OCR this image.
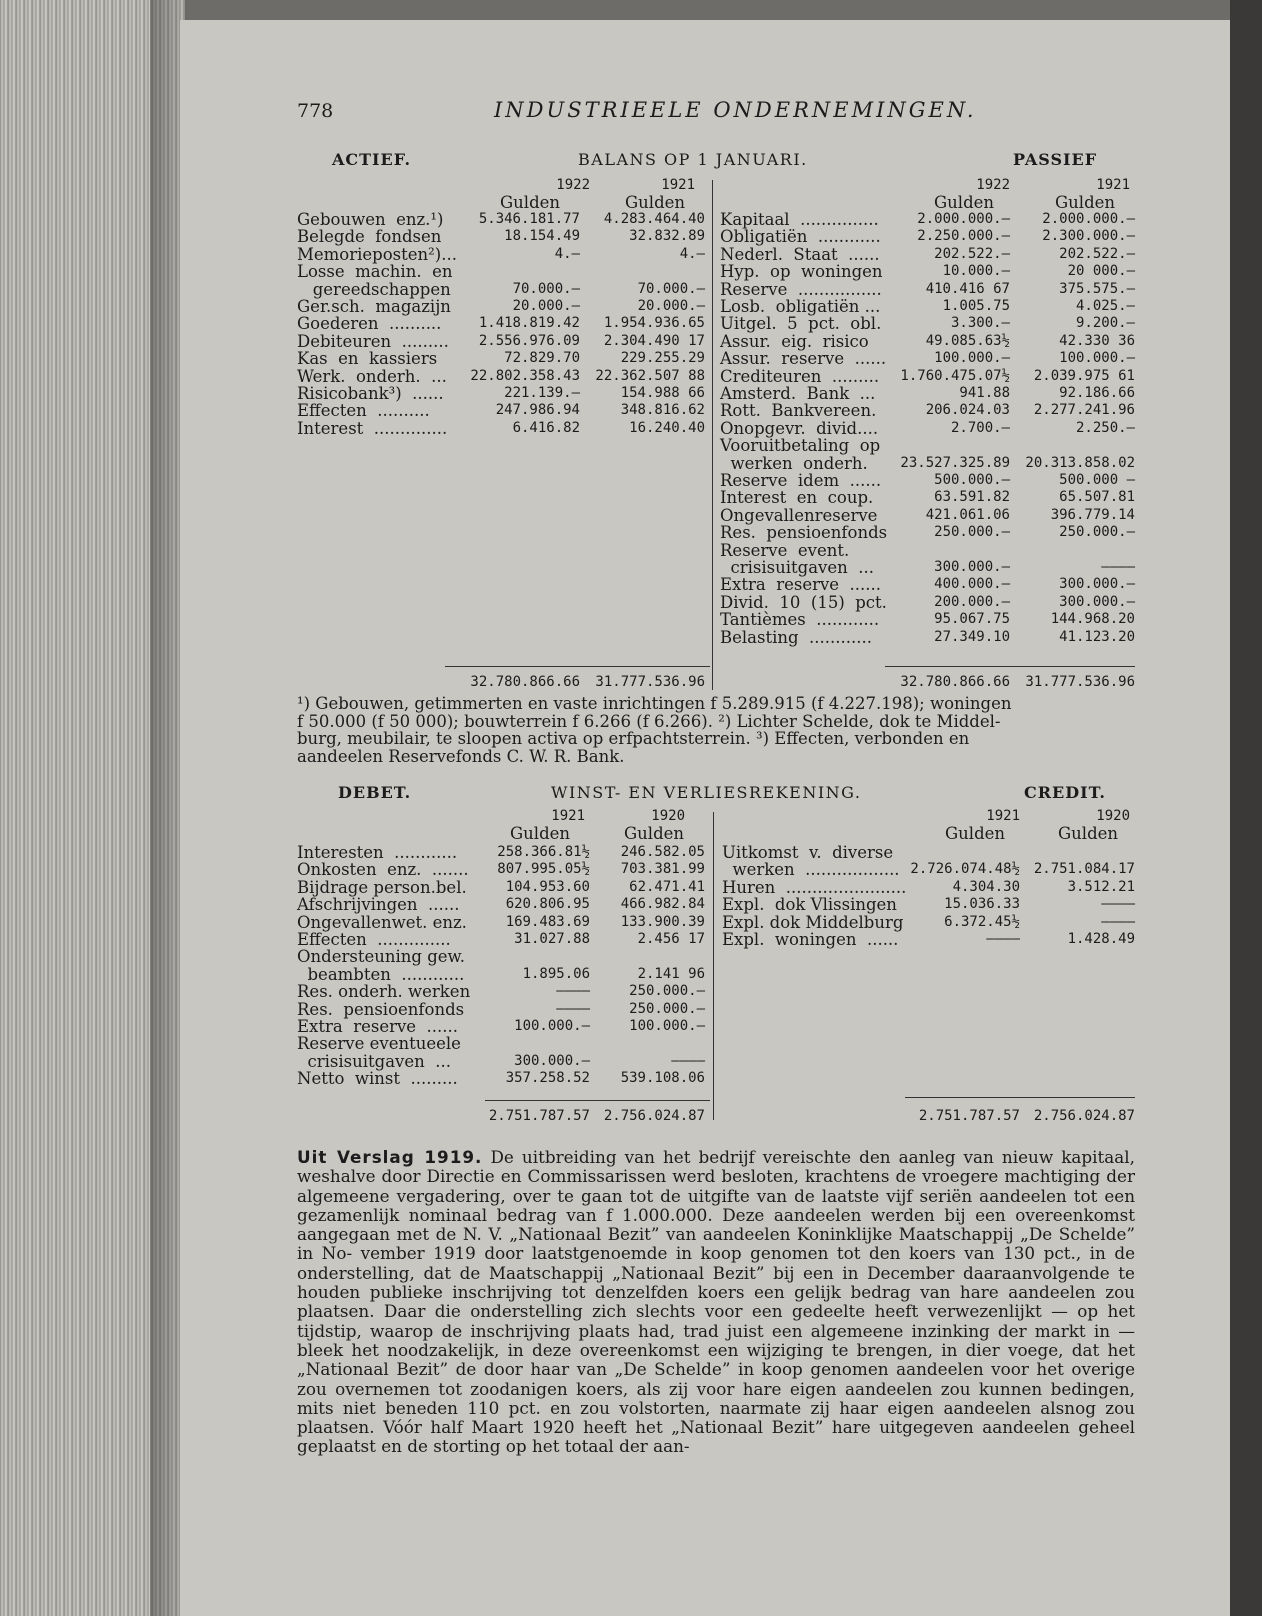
778	INDUSTRIEELE ONDERNEMINGEN.
ACTIEF.	BALANS OP 1 JANUARI.	PASSIEF
1922	1921
Gulden	Gulden
1922	1921
Gulden	Gulden
Gebouwen  enz.¹)	5.346.181.77	4.283.464.40
Belegde  fondsen	18.154.49	32.832.89
Memorieposten²)...	4.—	4.—
Losse  machin.  en
gereedschappen	70.000.—	70.000.—
Ger.sch.  magazijn	20.000.—	20.000.—
Goederen  ..........	1.418.819.42	1.954.936.65
Debiteuren  .........	2.556.976.09	2.304.490 17
Kas  en  kassiers	72.829.70	229.255.29
Werk.  onderh.  ...	22.802.358.43	22.362.507 88
Risicobank³)  ......	221.139.—	154.988 66
Effecten  ..........	247.986.94	348.816.62
Interest  ..............	6.416.82	16.240.40
Kapitaal  ...............	2.000.000.—	2.000.000.—
Obligatiën  ............	2.250.000.—	2.300.000.—
Nederl.  Staat  ......	202.522.—	202.522.—
Hyp.  op  woningen	10.000.—	20 000.—
Reserve  ................	410.416 67	375.575.—
Losb.  obligatiën ...	1.005.75	4.025.—
Uitgel.  5  pct.  obl.	3.300.—	9.200.—
Assur.  eig.  risico	49.085.63½	42.330 36
Assur.  reserve  ......	100.000.—	100.000.—
Crediteuren  .........	1.760.475.07½	2.039.975 61
Amsterd.  Bank  ...	941.88	92.186.66
Rott.  Bankvereen.	206.024.03	2.277.241.96
Onopgevr.  divid....	2.700.—	2.250.—
Vooruitbetaling  op
werken  onderh.	23.527.325.89	20.313.858.02
Reserve  idem  ......	500.000.—	500.000 —
Interest  en  coup.	63.591.82	65.507.81
Ongevallenreserve	421.061.06	396.779.14
Res.  pensioenfonds	250.000.—	250.000.—
Reserve  event.
crisisuitgaven  ...	300.000.—	————
Extra  reserve  ......	400.000.—	300.000.—
Divid.  10  (15)  pct.	200.000.—	300.000.—
Tantièmes  ............	95.067.75	144.968.20
Belasting  ............	27.349.10	41.123.20
32.780.866.66	31.777.536.96	32.780.866.66	31.777.536.96
¹) Gebouwen, getimmerten en vaste inrichtingen f 5.289.915 (f 4.227.198); woningen
f 50.000 (f 50 000); bouwterrein f 6.266 (f 6.266). ²) Lichter Schelde, dok te Middel-
burg, meubilair, te sloopen activa op erfpachtsterrein. ³) Effecten, verbonden en
aandeelen Reservefonds C. W. R. Bank.
DEBET.	WINST- EN VERLIESREKENING.	CREDIT.
1921	1920
Gulden	Gulden
1921	1920
Gulden	Gulden
Interesten  ............	258.366.81½	246.582.05
Onkosten  enz.  .......	807.995.05½	703.381.99
Bijdrage person.bel.	104.953.60	62.471.41
Afschrijvingen  ......	620.806.95	466.982.84
Ongevallenwet. enz.	169.483.69	133.900.39
Effecten  ..............	31.027.88	2.456 17
Ondersteuning gew.
beambten  ............	1.895.06	2.141 96
Res. onderh. werken	————	250.000.—
Res.  pensioenfonds	————	250.000.—
Extra  reserve  ......	100.000.—	100.000.—
Reserve eventueele
crisisuitgaven  ...	300.000.—	————
Netto  winst  .........	357.258.52	539.108.06
Uitkomst  v.  diverse
werken  .................. 2.726.074.48½ 2.751.084.17
Huren  .......................	4.304.30	3.512.21
Expl.  dok Vlissingen	15.036.33	————
Expl. dok Middelburg	6.372.45½	————
Expl.  woningen  ......	————	1.428.49
2.751.787.57 2.756.024.87	2.751.787.57 2.756.024.87

Uit Verslag 1919. De uitbreiding van het bedrijf vereischte den aanleg van nieuw kapitaal, weshalve door Directie en Commissarissen werd besloten, krachtens de vroegere machtiging der algemeene vergadering, over te gaan tot de uitgifte van de laatste vijf seriën aandeelen tot een gezamenlijk nominaal bedrag van f 1.000.000. Deze aandeelen werden bij een overeenkomst aangegaan met de N. V. „Nationaal Bezit” van aandeelen Koninklijke Maatschappij „De Schelde” in No- vember 1919 door laatstgenoemde in koop genomen tot den koers van 130 pct., in de onderstelling, dat de Maatschappij „Nationaal Bezit” bij een in December daaraanvolgende te houden publieke inschrijving tot denzelfden koers een gelijk bedrag van hare aandeelen zou plaatsen. Daar die onderstelling zich slechts voor een gedeelte heeft verwezenlijkt — op het tijdstip, waarop de inschrijving plaats had, trad juist een algemeene inzinking der markt in — bleek het noodzakelijk, in deze overeenkomst een wijziging te brengen, in dier voege, dat het „Nationaal Bezit” de door haar van „De Schelde” in koop genomen aandeelen voor het overige zou overnemen tot zoodanigen koers, als zij voor hare eigen aandeelen zou kunnen bedingen, mits niet beneden 110 pct. en zou volstorten, naarmate zij haar eigen aandeelen alsnog zou plaatsen. Vóór half Maart 1920 heeft het „Nationaal Bezit” hare uitgegeven aandeelen geheel geplaatst en de storting op het totaal der aan-
